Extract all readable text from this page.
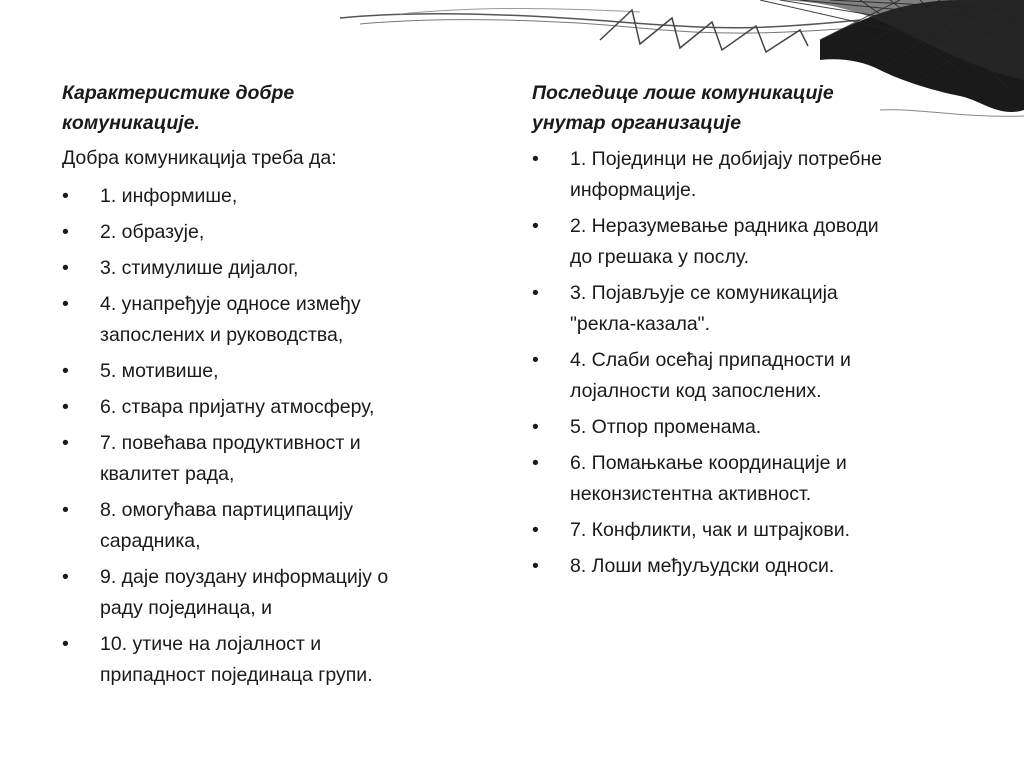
Карактеристике добре
комуникације.
Добра комуникација треба да:
• 1. информише,
• 2. образује,
• 3. стимулише дијалог,
• 4. унапређује односе између
запослених и руководства,
• 5. мотивише,
• 6. ствара пријатну атмосферу,
• 7. повећава продуктивност и
квалитет рада,
• 8. омогућава партиципацију
сарадника,
• 9. даје поуздану информацију о
раду појединаца, и
• 10. утиче на лојалност и
припадност појединаца групи.
Последице лоше комуникације
унутар организације
• 1. Појединци не добијају потребне
информације.
• 2. Неразумевање радника доводи
до грешака у послу.
• 3. Појављује се комуникација
"рекла-казала".
• 4. Слаби осећај припадности и
лојалности код запослених.
• 5. Отпор променама.
• 6. Помањкање координације и
неконзистентна активност.
• 7. Конфликти, чак и штрајкови.
• 8. Лоши међуљудски односи.
